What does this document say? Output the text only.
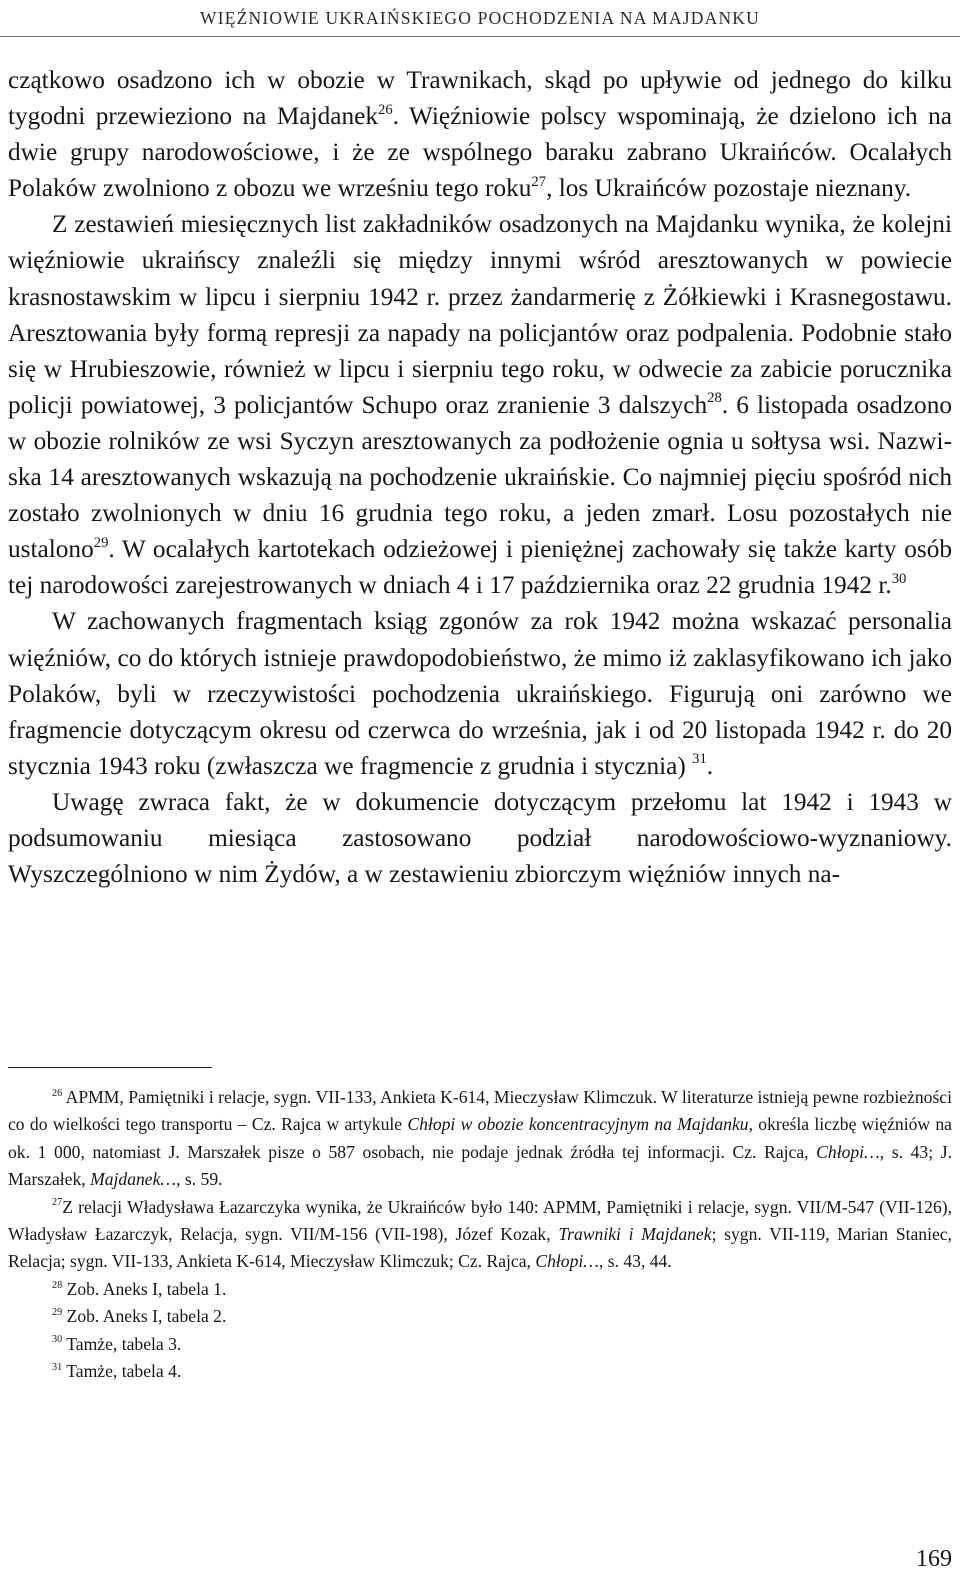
WIĘŹNIOWIE UKRAIŃSKIEGO POCHODZENIA NA MAJDANKU

czątkowo osadzono ich w obozie w Trawnikach, skąd po upływie od jednego do kilku tygodni przewieziono na Majdanek$^{26}$. Więźniowie polscy wspominają, że dzielono ich na dwie grupy narodowościowe, i że ze wspólnego baraku zabrano Ukraińców. Ocalałych Polaków zwolniono z obozu we wrześniu tego roku$^{27}$, los Ukraińców pozostaje nieznany.

Z zestawień miesięcznych list zakładników osadzonych na Majdanku wynika, że kolejni więźniowie ukraińscy znaleźli się między innymi wśród aresztowanych w powiecie krasnostawskim w lipcu i sierpniu 1942 r. przez żandarmerię z Żółkiewki i Krasnegostawu. Aresztowania były formą represji za napady na policjantów oraz podpalenia. Podobnie stało się w Hrubieszowie, również w lipcu i sierpniu tego roku, w odwecie za zabicie porucznika policji powiatowej, 3 policjantów Schupo oraz zranienie 3 dalszych$^{28}$. 6 listopada osadzono w obozie rolników ze wsi Syczyn aresztowanych za podłożenie ognia u sołtysa wsi. Nazwiska 14 aresztowanych wskazują na pochodzenie ukraińskie. Co najmniej pięciu spośród nich zostało zwolnionych w dniu 16 grudnia tego roku, a jeden zmarł. Losu pozostałych nie ustalono$^{29}$. W ocalałych kartotekach odzieżowej i pieniężnej zachowały się także karty osób tej narodowości zarejestrowanych w dniach 4 i 17 października oraz 22 grudnia 1942 r.$^{30}$

W zachowanych fragmentach ksiąg zgonów za rok 1942 można wskazać personalia więźniów, co do których istnieje prawdopodobieństwo, że mimo iż zaklasyfikowano ich jako Polaków, byli w rzeczywistości pochodzenia ukraińskiego. Figurują oni zarówno we fragmencie dotyczącym okresu od czerwca do września, jak i od 20 listopada 1942 r. do 20 stycznia 1943 roku (zwłaszcza we fragmencie z grudnia i stycznia) $^{31}$.

Uwagę zwraca fakt, że w dokumencie dotyczącym przełomu lat 1942 i 1943 w podsumowaniu miesiąca zastosowano podział narodowościowo-wyznaniowy. Wyszczególniono w nim Żydów, a w zestawieniu zbiorczym więźniów innych na-

$^{26}$ APMM, Pamiętniki i relacje, sygn. VII-133, Ankieta K-614, Mieczysław Klimczuk. W literaturze istnieją pewne rozbieżności co do wielkości tego transportu – Cz. Rajca w artykule Chłopi w obozie koncentracyjnym na Majdanku, określa liczbę więźniów na ok. 1 000, natomiast J. Marszałek pisze o 587 osobach, nie podaje jednak źródła tej informacji. Cz. Rajca, Chłopi…, s. 43; J. Marszałek, Majdanek…, s. 59.

$^{27}$Z relacji Władysława Łazarczyka wynika, że Ukraińców było 140: APMM, Pamiętniki i relacje, sygn. VII/M-547 (VII-126), Władysław Łazarczyk, Relacja, sygn. VII/M-156 (VII-198), Józef Kozak, Trawniki i Majdanek; sygn. VII-119, Marian Staniec, Relacja; sygn. VII-133, Ankieta K-614, Mieczysław Klimczuk; Cz. Rajca, Chłopi…, s. 43, 44.

$^{28}$ Zob. Aneks I, tabela 1.

$^{29}$ Zob. Aneks I, tabela 2.

$^{30}$ Tamże, tabela 3.

$^{31}$ Tamże, tabela 4.

169
